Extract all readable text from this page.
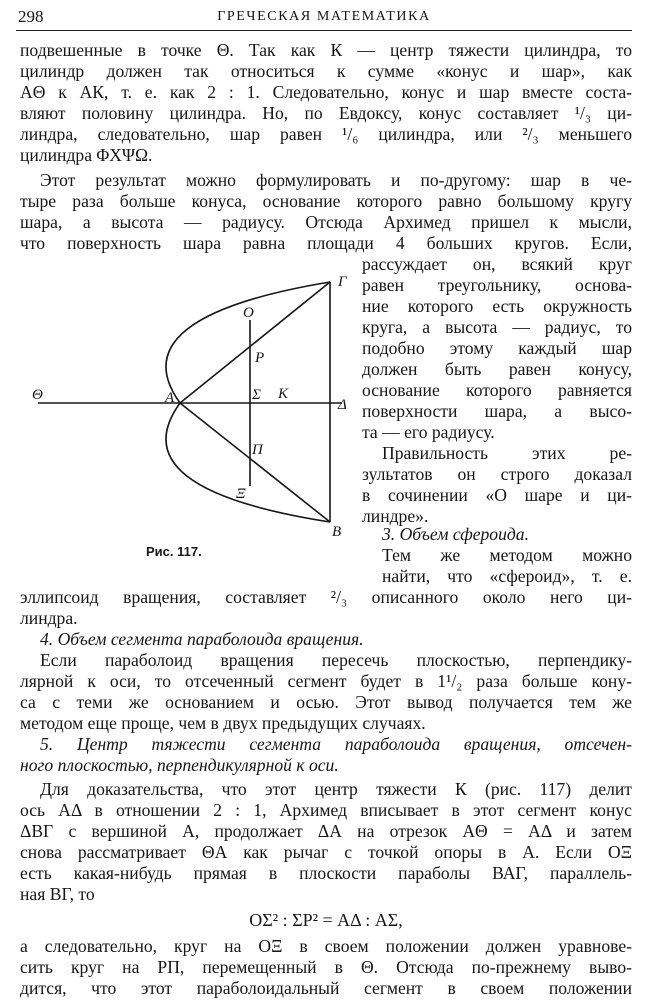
298	ГРЕЧЕСКАЯ МАТЕМАТИКА

подвешенные в точке Θ. Так как К — центр тяжести цилиндра, то

цилиндр должен так относиться к сумме «конус и шар», как

АΘ к АК, т. е. как 2 : 1. Следовательно, конус и шар вместе соста-

вляют половину цилиндра. Но, по Евдоксу, конус составляет ¹/₃ ци-

линдра, следовательно, шар равен ¹/₆ цилиндра, или ²/₃ меньшего

цилиндра ΦΧΨΩ.

Этот результат можно формулировать и по-другому: шар в че-

тыре раза больше конуса, основание которого равно большому кругу

шара, а высота — радиусу. Отсюда Архимед пришел к мысли,

что поверхность шара равна площади 4 больших кругов. Если,

Θ	A
O
P
Σ K
Δ
П
Ξ
Г
B

рассуждает он, всякий круг

равен треугольнику, основа-

ние которого есть окружность

круга, а высота — радиус, то

подобно этому каждый шар

должен быть равен конусу,

основание которого равняется

поверхности шара, а высо-

та — его радиусу.

Правильность этих ре-

зультатов он строго доказал

в сочинении «О шаре и ци-

линдре».

3. Объем сфероида.

Тем же методом можно

найти, что «сфероид», т. е.

Рис. 117.

эллипсоид вращения, составляет ²/₃ описанного около него ци-

линдра.

4. Объем сегмента параболоида вращения.

Если параболоид вращения пересечь плоскостью, перпендику-

лярной к оси, то отсеченный сегмент будет в 1¹/₂ раза больше кону-

са с теми же основанием и осью. Этот вывод получается тем же

методом еще проще, чем в двух предыдущих случаях.

5. Центр тяжести сегмента параболоида вращения, отсечен-

ного плоскостью, перпендикулярной к оси.

Для доказательства, что этот центр тяжести К (рис. 117) делит

ось АΔ в отношении 2 : 1, Архимед вписывает в этот сегмент конус

ΔВГ с вершиной А, продолжает ΔА на отрезок АΘ = АΔ и затем

снова рассматривает ΘА как рычаг с точкой опоры в А. Если ОΞ

есть какая-нибудь прямая в плоскости параболы ВАГ, параллель-

ная ВГ, то

ΟΣ² : ΣΡ² = АΔ : АΣ,

а следовательно, круг на ОΞ в своем положении должен уравнове-

сить круг на РП, перемещенный в Θ. Отсюда по-прежнему выво-

дится, что этот параболоидальный сегмент в своем положении
